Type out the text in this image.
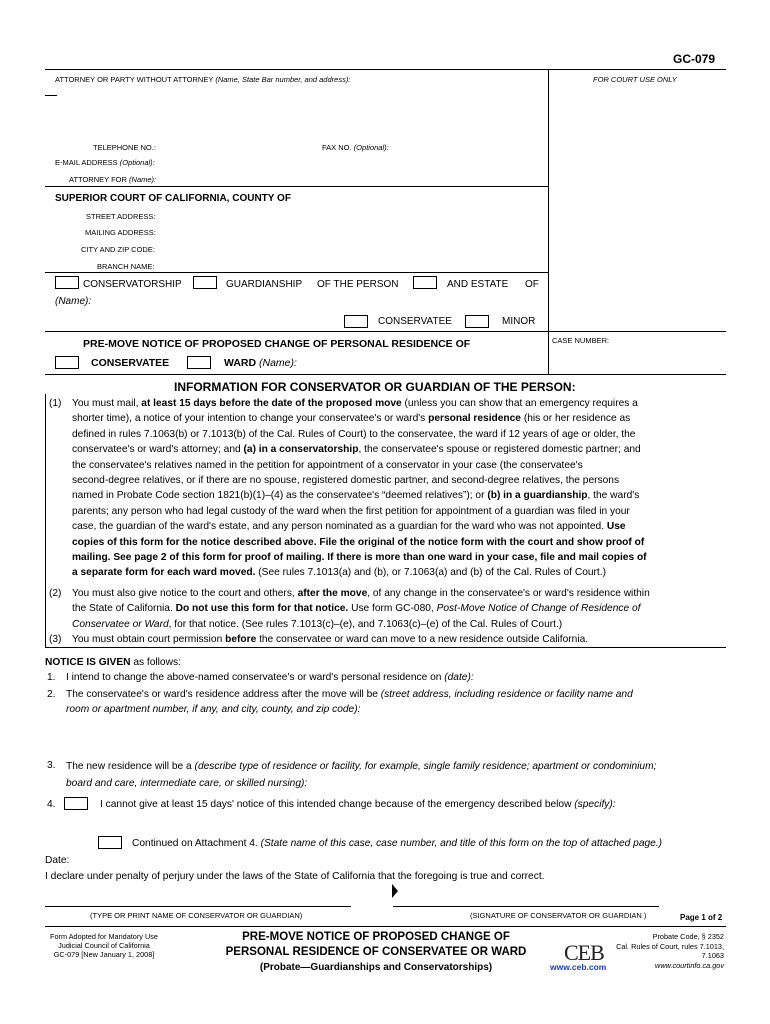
GC-079
ATTORNEY OR PARTY WITHOUT ATTORNEY (Name, State Bar number, and address):	FOR COURT USE ONLY
TELEPHONE NO.:	FAX NO. (Optional):
E-MAIL ADDRESS (Optional):
ATTORNEY FOR (Name):
SUPERIOR COURT OF CALIFORNIA, COUNTY OF
STREET ADDRESS:
MAILING ADDRESS:
CITY AND ZIP CODE:
BRANCH NAME:
CONSERVATORSHIP	GUARDIANSHIP OF THE PERSON	AND ESTATE OF
(Name):
CONSERVATEE	MINOR
PRE-MOVE NOTICE OF PROPOSED CHANGE OF PERSONAL RESIDENCE OF
CONSERVATEE	WARD (Name):
CASE NUMBER:
INFORMATION FOR CONSERVATOR OR GUARDIAN OF THE PERSON:
(1) You must mail, at least 15 days before the date of the proposed move (unless you can show that an emergency requires a
shorter time), a notice of your intention to change your conservatee's or ward's personal residence (his or her residence as
defined in rules 7.1063(b) or 7.1013(b) of the Cal. Rules of Court) to the conservatee, the ward if 12 years of age or older, the
conservatee's or ward's attorney; and (a) in a conservatorship, the conservatee's spouse or registered domestic partner; and
the conservatee's relatives named in the petition for appointment of a conservator in your case (the conservatee's
second-degree relatives, or if there are no spouse, registered domestic partner, and second-degree relatives, the persons
named in Probate Code section 1821(b)(1)–(4) as the conservatee's “deemed relatives”); or (b) in a guardianship, the ward's
parents; any person who had legal custody of the ward when the first petition for appointment of a guardian was filed in your
case, the guardian of the ward's estate, and any person nominated as a guardian for the ward who was not appointed. Use
copies of this form for the notice described above. File the original of the notice form with the court and show proof of
mailing. See page 2 of this form for proof of mailing. If there is more than one ward in your case, file and mail copies of
a separate form for each ward moved. (See rules 7.1013(a) and (b), or 7.1063(a) and (b) of the Cal. Rules of Court.)
(2) You must also give notice to the court and others, after the move, of any change in the conservatee's or ward's residence within
the State of California. Do not use this form for that notice. Use form GC-080, Post-Move Notice of Change of Residence of
Conservatee or Ward, for that notice. (See rules 7.1013(c)–(e), and 7.1063(c)–(e) of the Cal. Rules of Court.)
(3) You must obtain court permission before the conservatee or ward can move to a new residence outside California.
NOTICE IS GIVEN as follows:
1. I intend to change the above-named conservatee's or ward's personal residence on (date):
2. The conservatee's or ward's residence address after the move will be (street address, including residence or facility name and
room or apartment number, if any, and city, county, and zip code):
3. The new residence will be a (describe type of residence or facility, for example, single family residence; apartment or condominium;
board and care, intermediate care, or skilled nursing):
4.	I cannot give at least 15 days' notice of this intended change because of the emergency described below (specify):
Continued on Attachment 4. (State name of this case, case number, and title of this form on the top of attached page.)
Date:
I declare under penalty of perjury under the laws of the State of California that the foregoing is true and correct.
(TYPE OR PRINT NAME OF CONSERVATOR OR GUARDIAN)	(SIGNATURE OF CONSERVATOR OR GUARDIAN )	Page 1 of 2
Form Adopted for Mandatory Use
Judicial Council of California
GC-079 [New January 1, 2008]
PRE-MOVE NOTICE OF PROPOSED CHANGE OF
PERSONAL RESIDENCE OF CONSERVATEE OR WARD
(Probate—Guardianships and Conservatorships)
CEB
www.ceb.com
Probate Code, § 2352
Cal. Rules of Court, rules 7.1013,
7.1063
www.courtinfo.ca.gov
